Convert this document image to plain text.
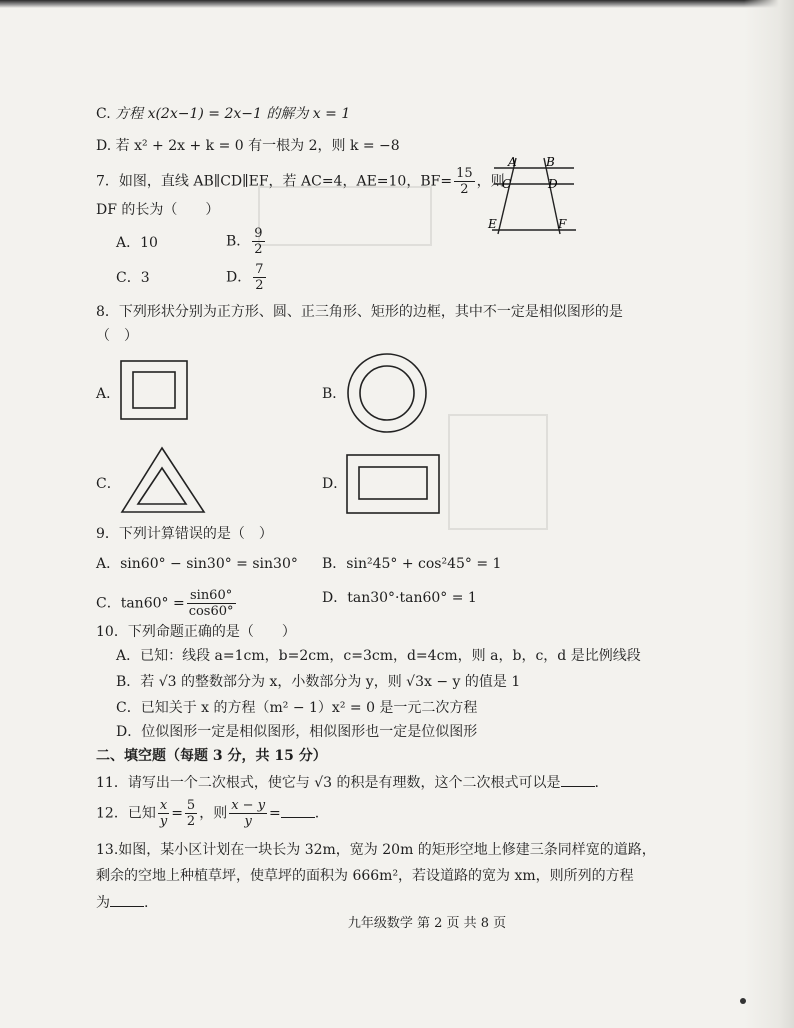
C. 方程 x(2x−1) = 2x−1 的解为 x = 1
D. 若 x² + 2x + k = 0 有一根为 2，则 k = −8
7．如图，直线 AB∥CD∥EF，若 AC=4，AE=10，$BF= \frac{15}{2}$ ，则
DF 的长为（　　）
A．10	B． $\frac{9}{2}$
C．3	D． $\frac{7}{2}$
A B
C	D
E	F
8．下列形状分别为正方形、圆、正三角形、矩形的边框，其中不一定是相似图形的是
（　）
A．	B．
C．	D．
9．下列计算错误的是（　）
A．sin60° − sin30° = sin30° B．sin²45° + cos²45° = 1
C．$\tan 60^\circ = \frac{\sin 60^\circ}{\cos 60^\circ}$	D．tan30°·tan60° = 1
10．下列命题正确的是（　　）
A．已知：线段 a=1cm，b=2cm，c=3cm，d=4cm，则 a，b，c，d 是比例线段
B．若 √3 的整数部分为 x，小数部分为 y，则 √3x − y 的值是 1
C．已知关于 x 的方程（m² − 1）x² = 0 是一元二次方程
D．位似图形一定是相似图形，相似图形也一定是位似图形
二、填空题（每题 3 分，共 15 分）
11．请写出一个二次根式，使它与 √3 的积是有理数，这个二次根式可以是 .
12．已知 $\frac{x}{y} = \frac{5}{2}$ ，则 $\frac{x - y}{y}$ = .
13.如图，某小区计划在一块长为 32m，宽为 20m 的矩形空地上修建三条同样宽的道路，
剩余的空地上种植草坪，使草坪的面积为 666m²，若设道路的宽为 xm，则所列的方程
为 .
九年级数学 第 2 页 共 8 页
